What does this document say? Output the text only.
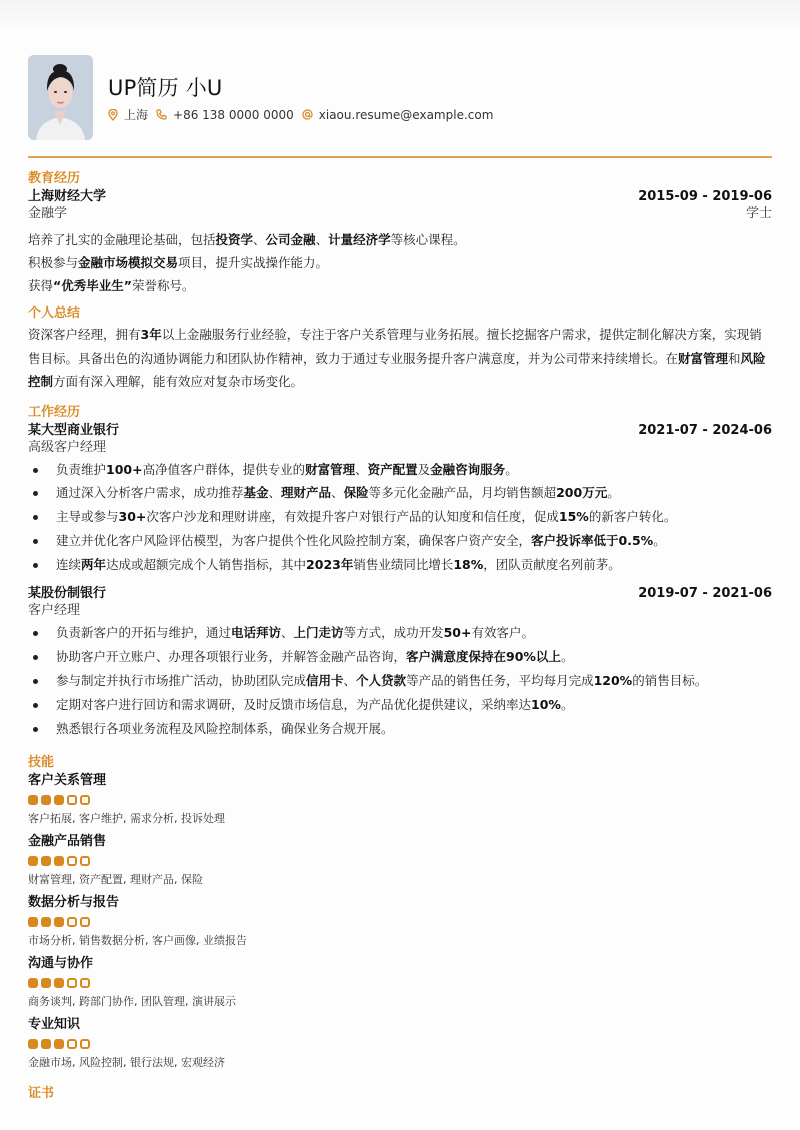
UP简历 小U
上海 +86 138 0000 0000 xiaou.resume@example.com
教育经历
上海财经大学	2015-09 - 2019-06
金融学	学士
培养了扎实的金融理论基础，包括投资学、公司金融、计量经济学等核心课程。
积极参与金融市场模拟交易项目，提升实战操作能力。
获得“优秀毕业生”荣誉称号。
个人总结
资深客户经理，拥有3年以上金融服务行业经验，专注于客户关系管理与业务拓展。擅长挖掘客户需求，提供定制化解决方案，实现销售目标。具备出色的沟通协调能力和团队协作精神，致力于通过专业服务提升客户满意度，并为公司带来持续增长。在财富管理和风险控制方面有深入理解，能有效应对复杂市场变化。
工作经历
某大型商业银行	2021-07 - 2024-06
高级客户经理
负责维护100+高净值客户群体，提供专业的财富管理、资产配置及金融咨询服务。
通过深入分析客户需求，成功推荐基金、理财产品、保险等多元化金融产品，月均销售额超200万元。
主导或参与30+次客户沙龙和理财讲座，有效提升客户对银行产品的认知度和信任度，促成15%的新客户转化。
建立并优化客户风险评估模型，为客户提供个性化风险控制方案，确保客户资产安全，客户投诉率低于0.5%。
连续两年达成或超额完成个人销售指标，其中2023年销售业绩同比增长18%，团队贡献度名列前茅。
某股份制银行	2019-07 - 2021-06
客户经理
负责新客户的开拓与维护，通过电话拜访、上门走访等方式，成功开发50+有效客户。
协助客户开立账户、办理各项银行业务，并解答金融产品咨询，客户满意度保持在90%以上。
参与制定并执行市场推广活动，协助团队完成信用卡、个人贷款等产品的销售任务，平均每月完成120%的销售目标。
定期对客户进行回访和需求调研，及时反馈市场信息，为产品优化提供建议，采纳率达10%。
熟悉银行各项业务流程及风险控制体系，确保业务合规开展。
技能
客户关系管理
客户拓展, 客户维护, 需求分析, 投诉处理
金融产品销售
财富管理, 资产配置, 理财产品, 保险
数据分析与报告
市场分析, 销售数据分析, 客户画像, 业绩报告
沟通与协作
商务谈判, 跨部门协作, 团队管理, 演讲展示
专业知识
金融市场, 风险控制, 银行法规, 宏观经济
证书
